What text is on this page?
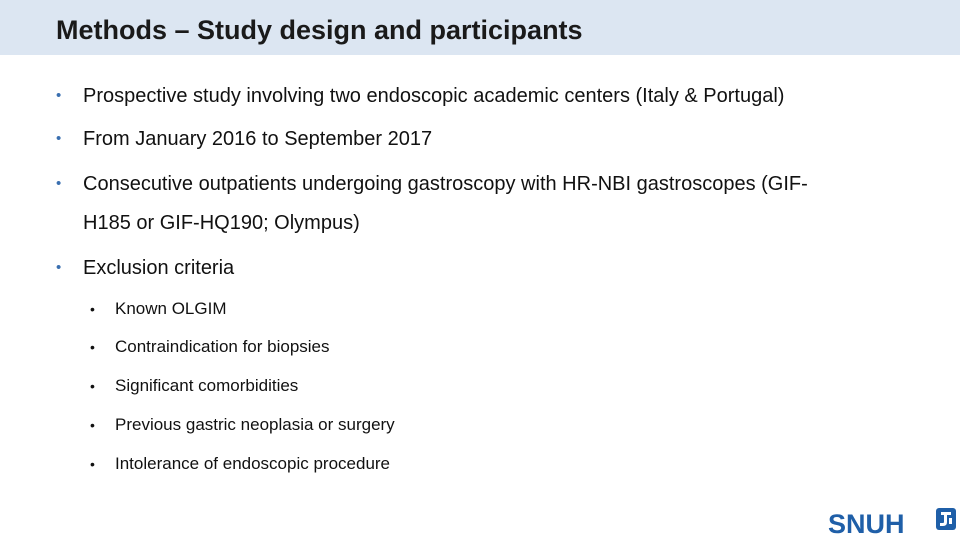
Methods – Study design and participants
• Prospective study involving two endoscopic academic centers (Italy & Portugal)
• From January 2016 to September 2017
• Consecutive outpatients undergoing gastroscopy with HR-NBI gastroscopes (GIF-
H185 or GIF-HQ190; Olympus)
• Exclusion criteria
• Known OLGIM
• Contraindication for biopsies
• Significant comorbidities
• Previous gastric neoplasia or surgery
• Intolerance of endoscopic procedure
SNUH
